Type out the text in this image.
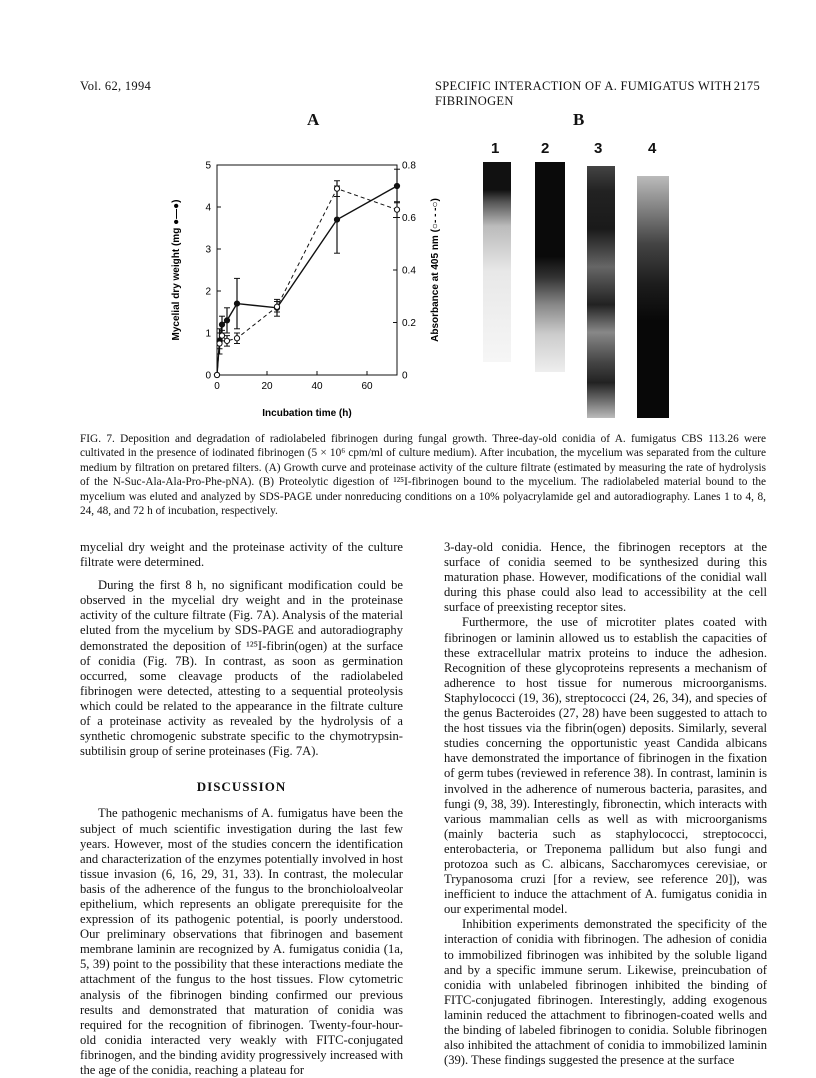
Vol. 62, 1994	SPECIFIC INTERACTION OF A. FUMIGATUS WITH FIBRINOGEN
2175
A	B
0
1
2
3
4
5
0
0.2
0.4
0.6
0.8
0	20	40	60
Incubation time (h)
Mycelial dry weight (mg ●—●)	Absorbance at 405 nm (○- - -○)
1	2	3	4
FIG. 7. Deposition and degradation of radiolabeled fibrinogen during fungal growth. Three-day-old conidia of A. fumigatus CBS 113.26 were cultivated in the presence of iodinated fibrinogen (5 × 10⁶ cpm/ml of culture medium). After incubation, the mycelium was separated from the culture medium by filtration on pretared filters. (A) Growth curve and proteinase activity of the culture filtrate (estimated by measuring the rate of hydrolysis of the N-Suc-Ala-Ala-Pro-Phe-pNA). (B) Proteolytic digestion of ¹²⁵I-fibrinogen bound to the mycelium. The radiolabeled material bound to the mycelium was eluted and analyzed by SDS-PAGE under nonreducing conditions on a 10% polyacrylamide gel and autoradiography. Lanes 1 to 4, 8, 24, 48, and 72 h of incubation, respectively.

mycelial dry weight and the proteinase activity of the culture filtrate were determined.

During the first 8 h, no significant modification could be observed in the mycelial dry weight and in the proteinase activity of the culture filtrate (Fig. 7A). Analysis of the material eluted from the mycelium by SDS-PAGE and autoradiography demonstrated the deposition of ¹²⁵I-fibrin(ogen) at the surface of conidia (Fig. 7B). In contrast, as soon as germination occurred, some cleavage products of the radiolabeled fibrinogen were detected, attesting to a sequential proteolysis which could be related to the appearance in the filtrate culture of a proteinase activity as revealed by the hydrolysis of a synthetic chromogenic substrate specific to the chymotrypsin-subtilisin group of serine proteinases (Fig. 7A).

DISCUSSION

The pathogenic mechanisms of A. fumigatus have been the subject of much scientific investigation during the last few years. However, most of the studies concern the identification and characterization of the enzymes potentially involved in host tissue invasion (6, 16, 29, 31, 33). In contrast, the molecular basis of the adherence of the fungus to the bronchioloalveolar epithelium, which represents an obligate prerequisite for the expression of its pathogenic potential, is poorly understood. Our preliminary observations that fibrinogen and basement membrane laminin are recognized by A. fumigatus conidia (1a, 5, 39) point to the possibility that these interactions mediate the attachment of the fungus to the host tissues. Flow cytometric analysis of the fibrinogen binding confirmed our previous results and demonstrated that maturation of conidia was required for the recognition of fibrinogen. Twenty-four-hour-old conidia interacted very weakly with FITC-conjugated fibrinogen, and the binding avidity progressively increased with the age of the conidia, reaching a plateau for

3-day-old conidia. Hence, the fibrinogen receptors at the surface of conidia seemed to be synthesized during this maturation phase. However, modifications of the conidial wall during this phase could also lead to accessibility at the cell surface of preexisting receptor sites.

Furthermore, the use of microtiter plates coated with fibrinogen or laminin allowed us to establish the capacities of these extracellular matrix proteins to induce the adhesion. Recognition of these glycoproteins represents a mechanism of adherence to host tissue for numerous microorganisms. Staphylococci (19, 36), streptococci (24, 26, 34), and species of the genus Bacteroides (27, 28) have been suggested to attach to the host tissues via the fibrin(ogen) deposits. Similarly, several studies concerning the opportunistic yeast Candida albicans have demonstrated the importance of fibrinogen in the fixation of germ tubes (reviewed in reference 38). In contrast, laminin is involved in the adherence of numerous bacteria, parasites, and fungi (9, 38, 39). Interestingly, fibronectin, which interacts with various mammalian cells as well as with microorganisms (mainly bacteria such as staphylococci, streptococci, enterobacteria, or Treponema pallidum but also fungi and protozoa such as C. albicans, Saccharomyces cerevisiae, or Trypanosoma cruzi [for a review, see reference 20]), was inefficient to induce the attachment of A. fumigatus conidia in our experimental model.

Inhibition experiments demonstrated the specificity of the interaction of conidia with fibrinogen. The adhesion of conidia to immobilized fibrinogen was inhibited by the soluble ligand and by a specific immune serum. Likewise, preincubation of conidia with unlabeled fibrinogen inhibited the binding of FITC-conjugated fibrinogen. Interestingly, adding exogenous laminin reduced the attachment to fibrinogen-coated wells and the binding of labeled fibrinogen to conidia. Soluble fibrinogen also inhibited the attachment of conidia to immobilized laminin (39). These findings suggested the presence at the surface
